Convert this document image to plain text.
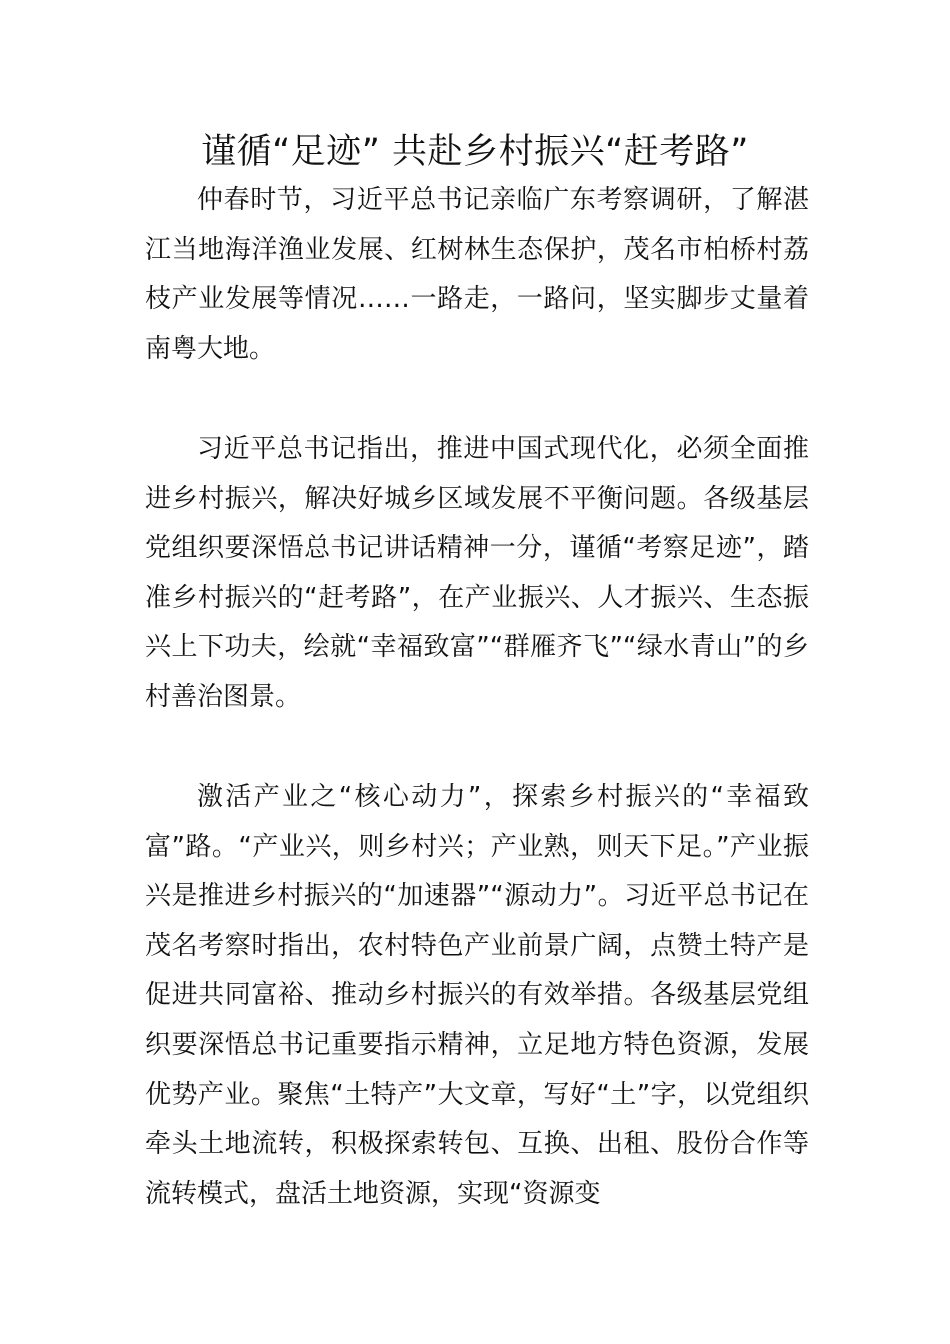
谨循“足迹” 共赴乡村振兴“赶考路”

仲春时节，习近平总书记亲临广东考察调研，了解湛江当地海洋渔业发展、红树林生态保护，茂名市柏桥村荔枝产业发展等情况……一路走，一路问，坚实脚步丈量着南粤大地。

习近平总书记指出，推进中国式现代化，必须全面推进乡村振兴，解决好城乡区域发展不平衡问题。各级基层党组织要深悟总书记讲话精神一分，谨循“考察足迹”，踏准乡村振兴的“赶考路”，在产业振兴、人才振兴、生态振兴上下功夫，绘就“幸福致富”“群雁齐飞”“绿水青山”的乡村善治图景。

激活产业之“核心动力”，探索乡村振兴的“幸福致富”路。“产业兴，则乡村兴；产业熟，则天下足。”产业振兴是推进乡村振兴的“加速器”“源动力”。习近平总书记在茂名考察时指出，农村特色产业前景广阔，点赞土特产是促进共同富裕、推动乡村振兴的有效举措。各级基层党组织要深悟总书记重要指示精神，立足地方特色资源，发展优势产业。聚焦“土特产”大文章，写好“土”字，以党组织牵头土地流转，积极探索转包、互换、出租、股份合作等流转模式，盘活土地资源，实现“资源变
